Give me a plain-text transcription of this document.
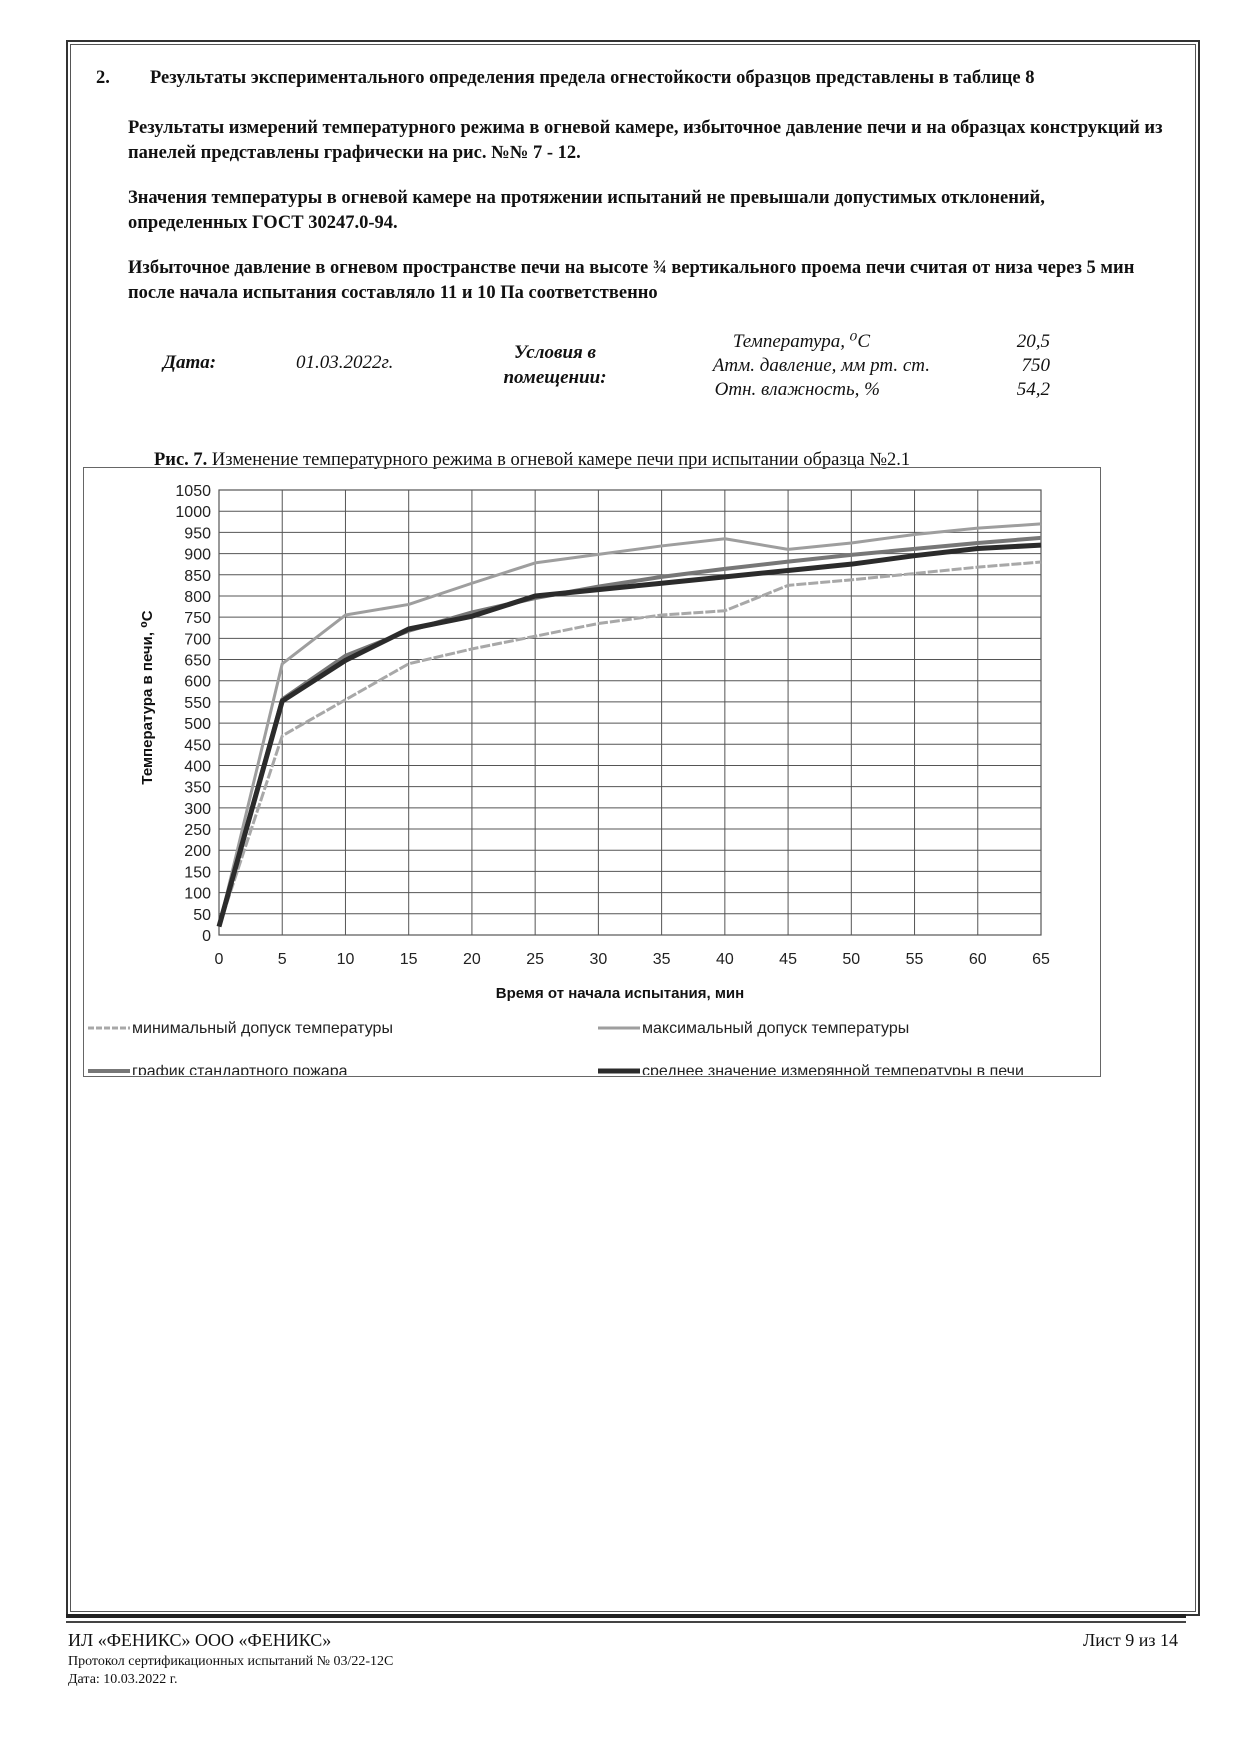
2. Результаты экспериментального определения предела огнестойкости образцов представлены в таблице 8

Результаты измерений температурного режима в огневой камере, избыточное давление печи и на образцах конструкций из панелей представлены графически на рис. №№ 7 - 12.

Значения температуры в огневой камере на протяжении испытаний не превышали допустимых отклонений, определенных ГОСТ 30247.0-94.

Избыточное давление в огневом пространстве печи на высоте ¾ вертикального проема печи считая от низа через 5 мин после начала испытания составляло 11 и 10 Па соответственно

Дата:	01.03.2022г.	Условия в помещении:
Температура, ⁰С	20,5
Атм. давление, мм рт. ст.	750
Отн. влажность, %	54,2
Рис. 7. Изменение температурного режима в огневой камере печи при испытании образца №2.1
0
50
100
150
200
250
300
350
400
450
500
550
600
650
700
750
800
850
900
950
1000
1050
0	5	10	15	20	25	30	35	40	45	50	55	60	65
Время от начала испытания, мин
Температура в печи, ⁰С
минимальный допуск температуры	максимальный допуск температуры
график стандартного пожара	среднее значение измерянной температуры в печи
ИЛ «ФЕНИКС» ООО «ФЕНИКС»	Лист 9 из 14
Протокол сертификационных испытаний № 03/22-12С
Дата: 10.03.2022 г.
